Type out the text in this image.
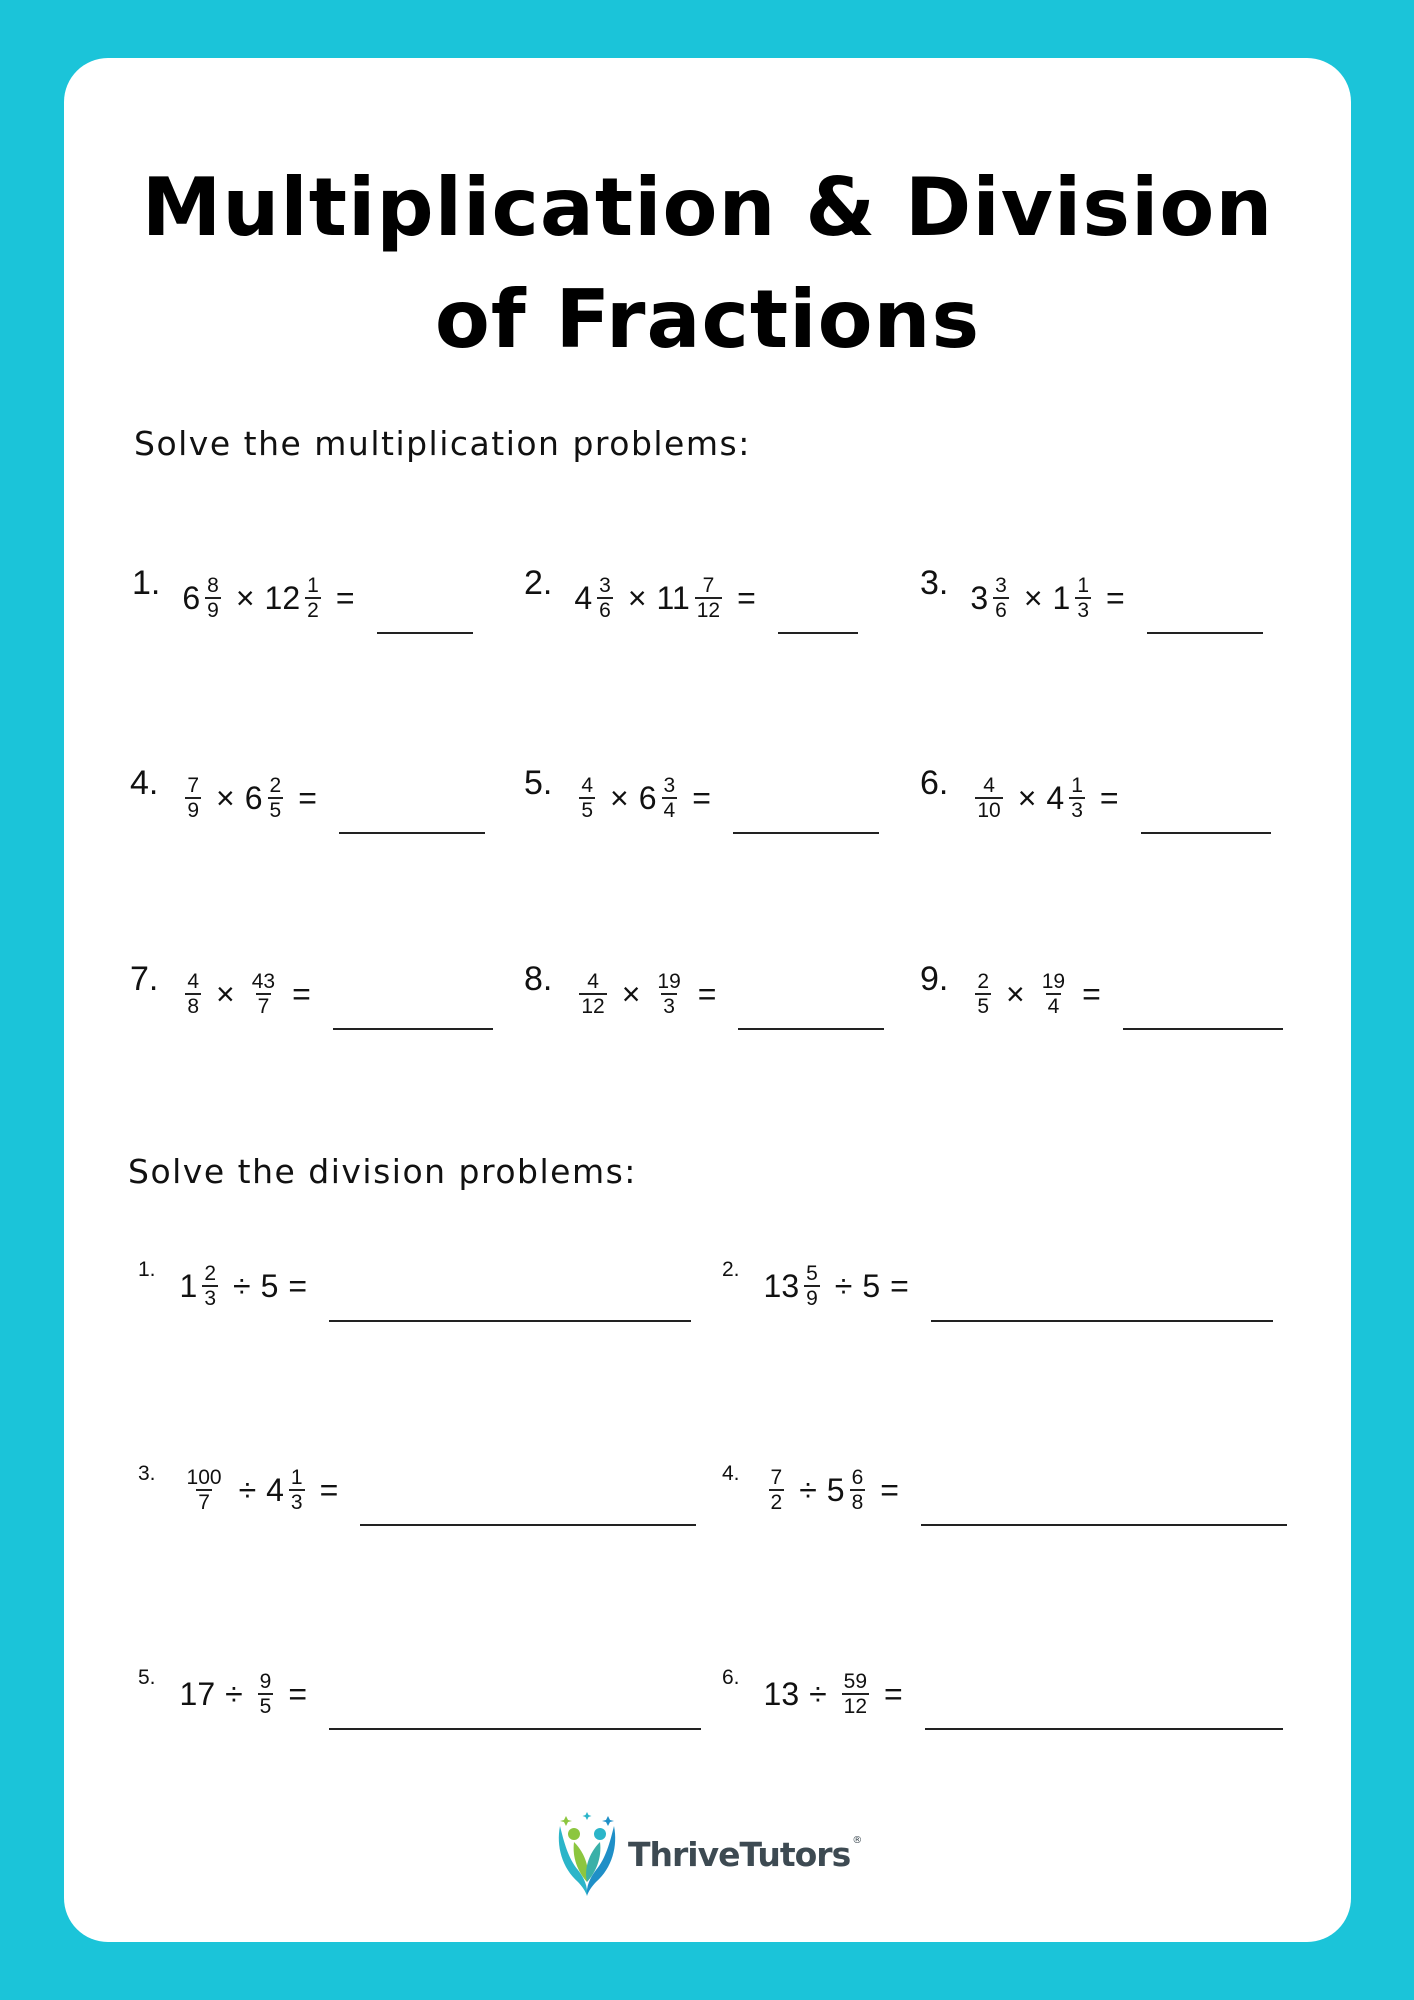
Multiplication & Division
of Fractions
Solve the multiplication problems:
1. $6 \frac{8}{9} \times 12 \frac{1}{2}$ =	2. $4 \frac{3}{6} \times 11 \frac{7}{12}$ =	3. $3 \frac{3}{6} \times 1 \frac{1}{3}$ =
4. $\frac{7}{9} \times 6 \frac{2}{5}$ =	5. $\frac{4}{5} \times 6 \frac{3}{4}$ =	6. $\frac{4}{10} \times 4 \frac{1}{3}$ =
7. $\frac{4}{8} \times \frac{43}{7}$ =	8. $\frac{4}{12} \times \frac{19}{3}$ =	9. $\frac{2}{5} \times \frac{19}{4}$ =
Solve the division problems:
1. $1 \frac{2}{3} \div 5$ =	2. $13 \frac{5}{9} \div 5$ =
3. $\frac{100}{7} \div 4 \frac{1}{3}$ =	4. $\frac{7}{2} \div 5 \frac{6}{8}$ =
5. $17 \div \frac{9}{5}$ =	6. $13 \div \frac{59}{12}$ =
ThriveTutors ®
